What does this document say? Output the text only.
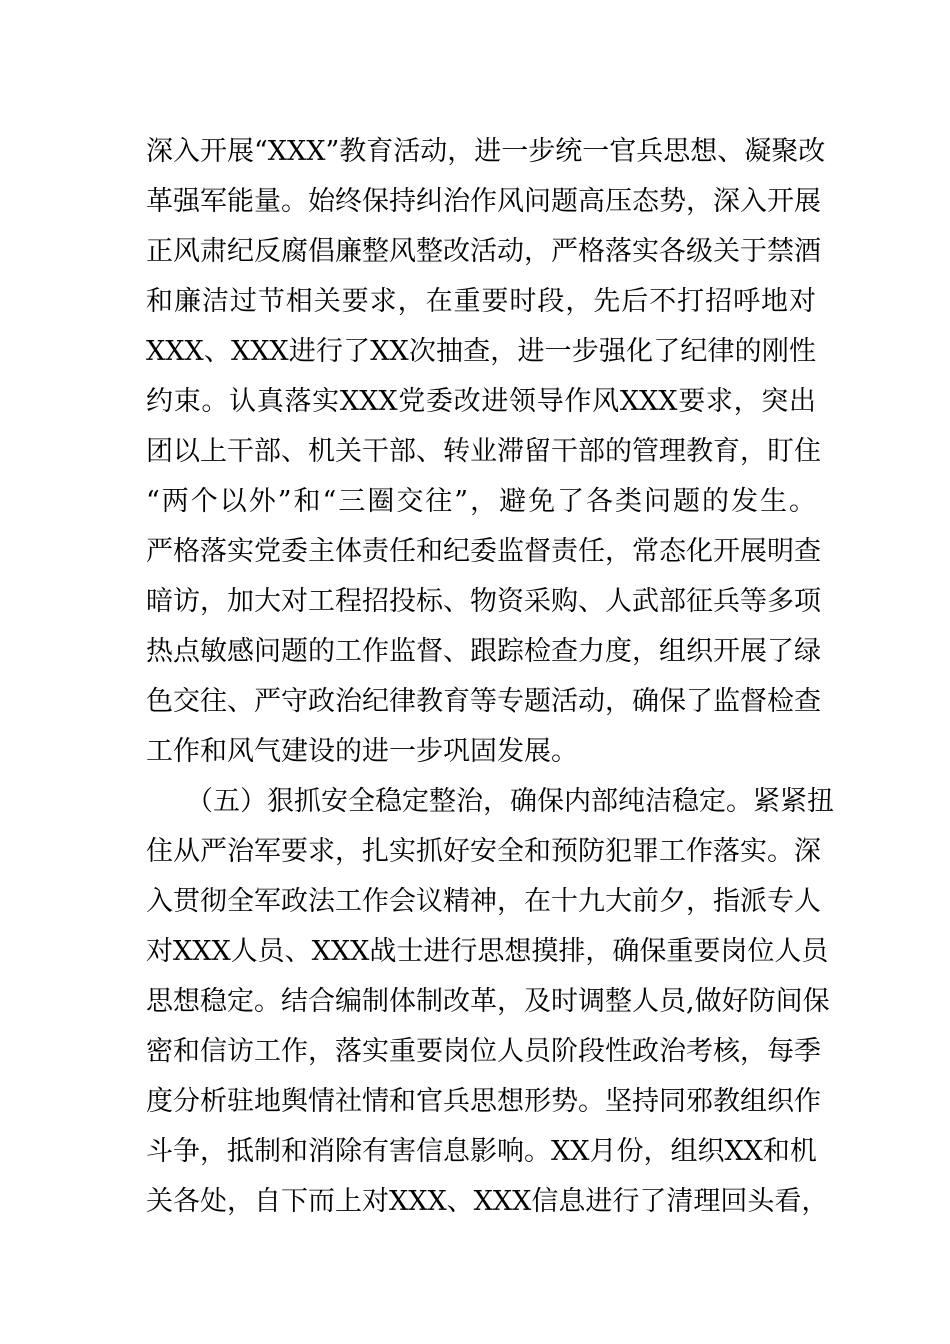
深入开展“XXX”教育活动，进一步统一官兵思想、凝聚改
革强军能量。始终保持纠治作风问题高压态势，深入开展
正风肃纪反腐倡廉整风整改活动，严格落实各级关于禁酒
和廉洁过节相关要求，在重要时段，先后不打招呼地对
XXX、XXX进行了XX次抽查，进一步强化了纪律的刚性
约束。认真落实XXX党委改进领导作风XXX要求，突出
团以上干部、机关干部、转业滞留干部的管理教育，盯住
“两个以外”和“三圈交往”，避免了各类问题的发生。
严格落实党委主体责任和纪委监督责任，常态化开展明查
暗访，加大对工程招投标、物资采购、人武部征兵等多项
热点敏感问题的工作监督、跟踪检查力度，组织开展了绿
色交往、严守政治纪律教育等专题活动，确保了监督检查
工作和风气建设的进一步巩固发展。
（五）狠抓安全稳定整治，确保内部纯洁稳定。紧紧扭
住从严治军要求，扎实抓好安全和预防犯罪工作落实。深
入贯彻全军政法工作会议精神，在十九大前夕，指派专人
对XXX人员、XXX战士进行思想摸排，确保重要岗位人员
思想稳定。结合编制体制改革，及时调整人员,做好防间保
密和信访工作，落实重要岗位人员阶段性政治考核，每季
度分析驻地舆情社情和官兵思想形势。坚持同邪教组织作
斗争，抵制和消除有害信息影响。XX月份，组织XX和机
关各处，自下而上对XXX、XXX信息进行了清理回头看，
